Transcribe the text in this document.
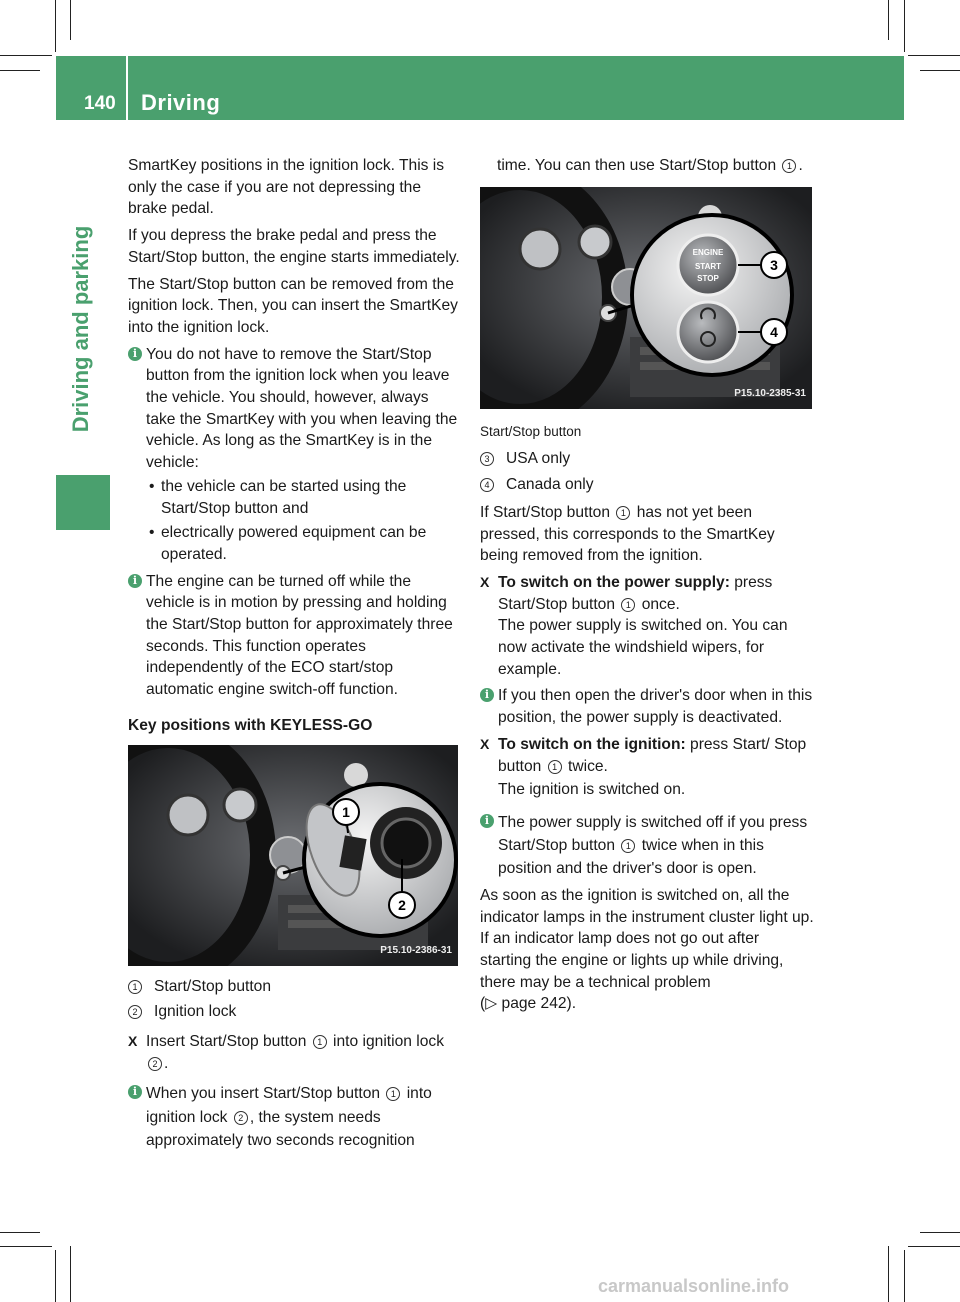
140 Driving
Driving and parking

SmartKey positions in the ignition lock. This is only the case if you are not depressing the brake pedal.

If you depress the brake pedal and press the Start/Stop button, the engine starts immediately.

The Start/Stop button can be removed from the ignition lock. Then, you can insert the SmartKey into the ignition lock.

i You do not have to remove the Start/Stop button from the ignition lock when you leave the vehicle. You should, however, always take the SmartKey with you when leaving the vehicle. As long as the SmartKey is in the vehicle:
• the vehicle can be started using the Start/Stop button and
• electrically powered equipment can be operated.
i The engine can be turned off while the vehicle is in motion by pressing and holding the Start/Stop button for approximately three seconds. This function operates independently of the ECO start/stop automatic engine switch-off function.
Key positions with KEYLESS-GO
1
2
P15.10-2386-31
1 Start/Stop button
2 Ignition lock
X Insert Start/Stop button 1 into ignition lock 2 .
i When you insert Start/Stop button 1 into ignition lock 2 , the system needs approximately two seconds recognition

time. You can then use Start/Stop button 1 .

ENGINE
START
STOP
3
4
P15.10-2385-31
Start/Stop button
3 USA only
4 Canada only

If Start/Stop button 1 has not yet been pressed, this corresponds to the SmartKey being removed from the ignition.

X To switch on the power supply: press Start/Stop button 1 once.
The power supply is switched on. You can now activate the windshield wipers, for example.
i If you then open the driver's door when in this position, the power supply is deactivated.
X To switch on the ignition: press Start/ Stop button 1 twice.
The ignition is switched on.
i The power supply is switched off if you press Start/Stop button 1 twice when in this position and the driver's door is open.

As soon as the ignition is switched on, all the indicator lamps in the instrument cluster light up. If an indicator lamp does not go out after starting the engine or lights up while driving, there may be a technical problem
(▷ page 242).

carmanualsonline.info
